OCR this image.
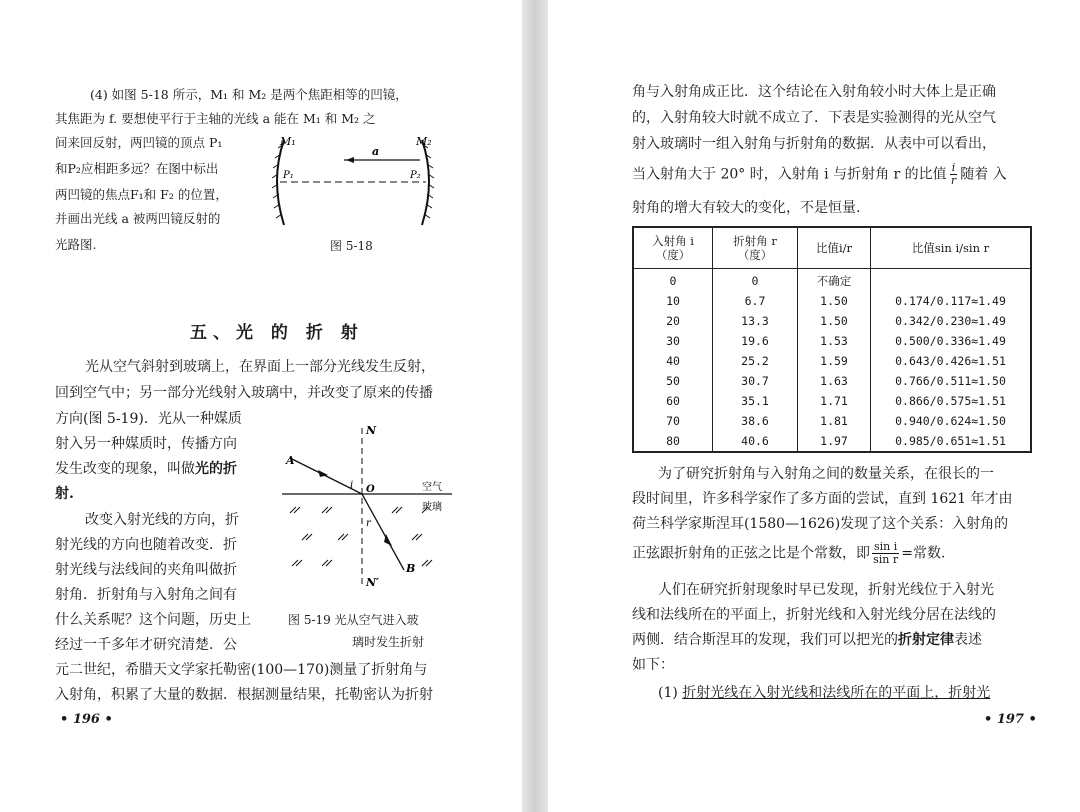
(4) 如图 5-18 所示，M₁ 和 M₂ 是两个焦距相等的凹镜，
其焦距为 f. 要想使平行于主轴的光线 a 能在 M₁ 和 M₂ 之
间来回反射，两凹镜的顶点 P₁
和P₂应相距多远？在图中标出
两凹镜的焦点F₁和 F₂ 的位置，
并画出光线 a 被两凹镜反射的
光路图.
M₁	M₂
a
P₁	P₂
图 5-18
五、光 的 折 射
光从空气斜射到玻璃上，在界面上一部分光线发生反射，
回到空气中；另一部分光线射入玻璃中，并改变了原来的传播
方向(图 5-19)．光从一种媒质
射入另一种媒质时，传播方向
发生改变的现象，叫做光的折
射.
改变入射光线的方向，折
射光线的方向也随着改变．折
射光线与法线间的夹角叫做折
射角．折射角与入射角之间有
什么关系呢？这个问题，历史上
经过一千多年才研究清楚．公
元二世纪，希腊天文学家托勒密(100—170)测量了折射角与
入射角，积累了大量的数据．根据测量结果，托勒密认为折射
N
N′
A
B
O
i
r
空气
玻璃
图 5-19 光从空气进入玻
璃时发生折射
• 196 •
角与入射角成正比．这个结论在入射角较小时大体上是正确
的，入射角较大时就不成立了．下表是实验测得的光从空气
射入玻璃时一组入射角与折射角的数据．从表中可以看出，
当入射角大于 20° 时，入射角 i 与折射角 r 的比值 $\frac{i}{r}$ 随着 入
射角的增大有较大的变化，不是恒量.
入射角 i
（度）	折射角 r
（度）	比值i/r	比值sin i/sin r
0	0	不确定	
10	6.7	1.50	0.174/0.117≈1.49
20	13.3	1.50	0.342/0.230≈1.49
30	19.6	1.53	0.500/0.336≈1.49
40	25.2	1.59	0.643/0.426≈1.51
50	30.7	1.63	0.766/0.511≈1.50
60	35.1	1.71	0.866/0.575≈1.51
70	38.6	1.81	0.940/0.624≈1.50
80	40.6	1.97	0.985/0.651≈1.51
为了研究折射角与入射角之间的数量关系，在很长的一
段时间里，许多科学家作了多方面的尝试，直到 1621 年才由
荷兰科学家斯涅耳(1580—1626)发现了这个关系：入射角的
正弦跟折射角的正弦之比是个常数，即 $\frac{\text{sin i}}{\text{sin r}}$ =常数.
人们在研究折射现象时早已发现，折射光线位于入射光
线和法线所在的平面上，折射光线和入射光线分居在法线的
两侧．结合斯涅耳的发现，我们可以把光的折射定律表述
如下：
(1) 折射光线在入射光线和法线所在的平面上，折射光
• 197 •
